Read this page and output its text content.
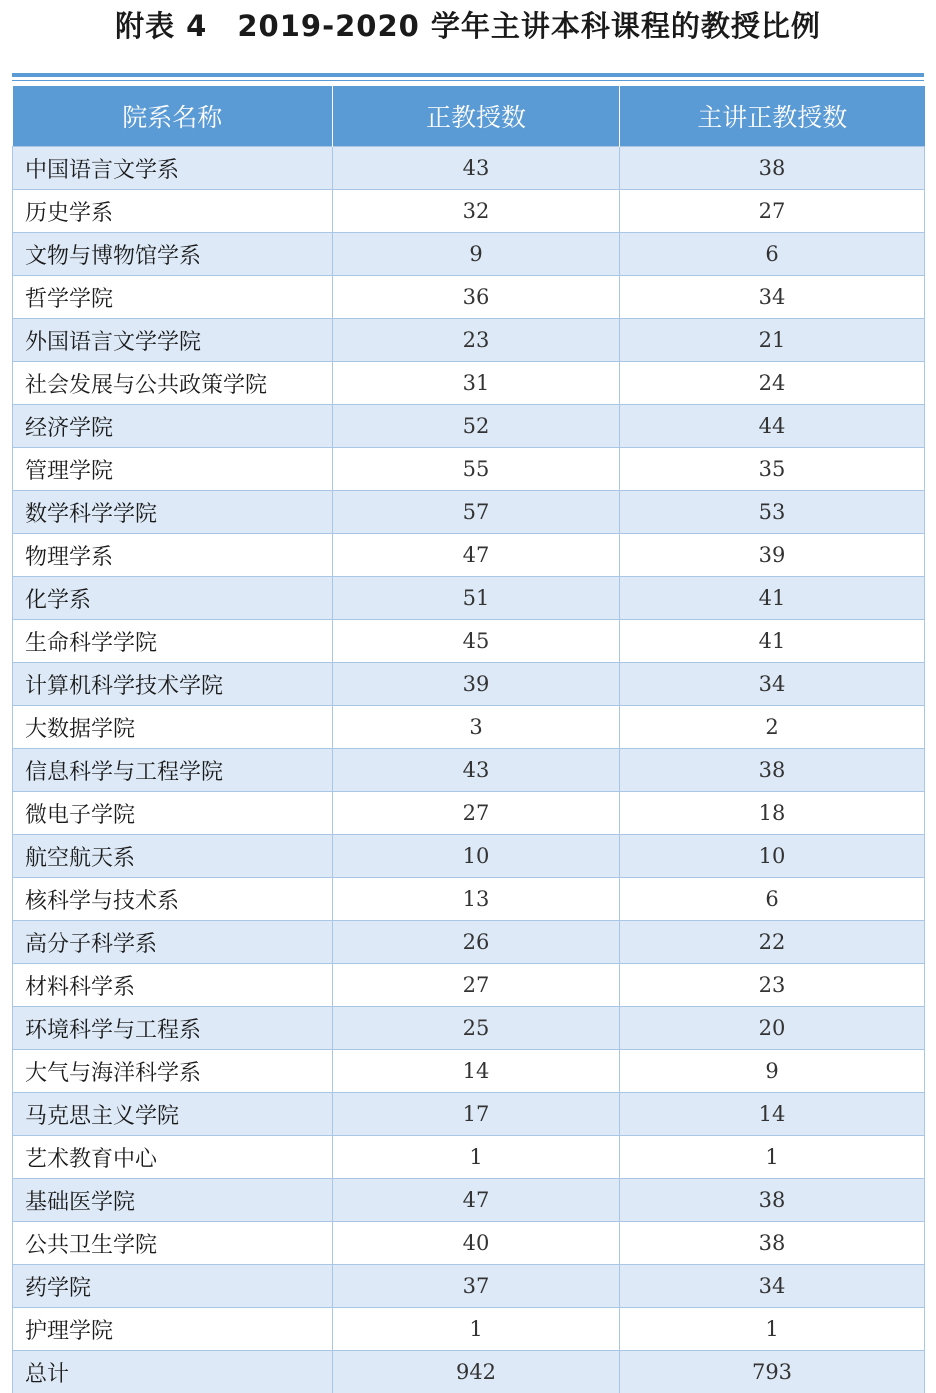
附表 4　2019-2020 学年主讲本科课程的教授比例
院系名称	正教授数	主讲正教授数
中国语言文学系	43	38
历史学系	32	27
文物与博物馆学系	9	6
哲学学院	36	34
外国语言文学学院	23	21
社会发展与公共政策学院	31	24
经济学院	52	44
管理学院	55	35
数学科学学院	57	53
物理学系	47	39
化学系	51	41
生命科学学院	45	41
计算机科学技术学院	39	34
大数据学院	3	2
信息科学与工程学院	43	38
微电子学院	27	18
航空航天系	10	10
核科学与技术系	13	6
高分子科学系	26	22
材料科学系	27	23
环境科学与工程系	25	20
大气与海洋科学系	14	9
马克思主义学院	17	14
艺术教育中心	1	1
基础医学院	47	38
公共卫生学院	40	38
药学院	37	34
护理学院	1	1
总计	942	793
